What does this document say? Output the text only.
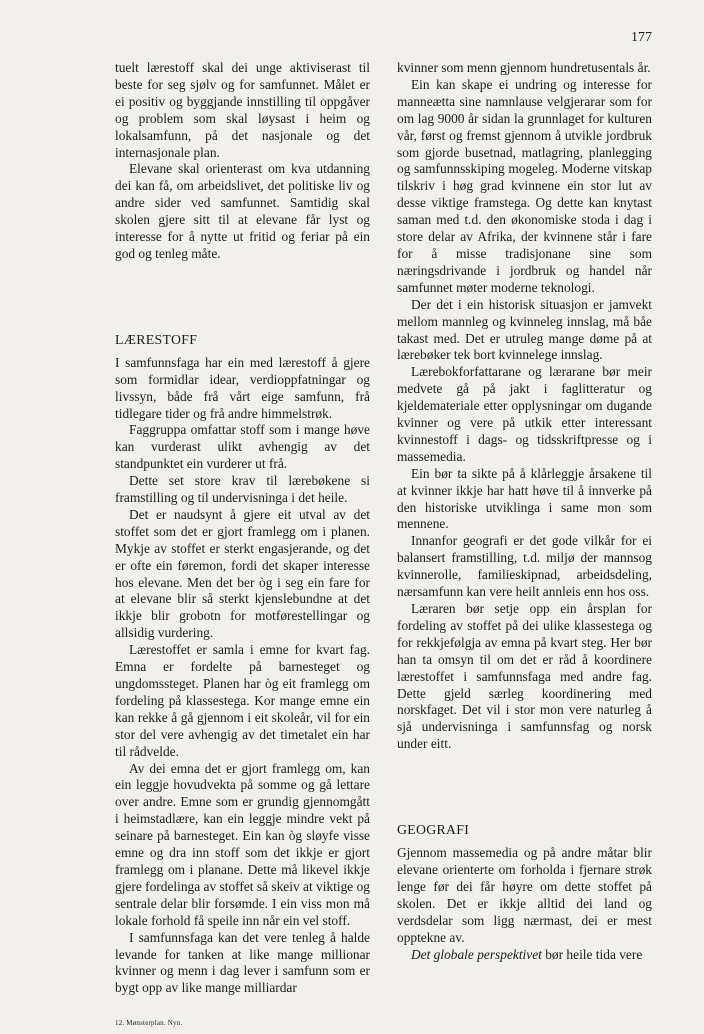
177

tuelt lærestoff skal dei unge aktiviserast til beste for seg sjølv og for samfunnet. Målet er ei positiv og byggjande innstilling til oppgåver og problem som skal løysast i heim og lokalsamfunn, på det nasjonale og det internasjonale plan.

Elevane skal orienterast om kva utdanning dei kan få, om arbeidslivet, det politiske liv og andre sider ved samfunnet. Samtidig skal skolen gjere sitt til at elevane får lyst og interesse for å nytte ut fritid og feriar på ein god og tenleg måte.

LÆRESTOFF

I samfunnsfaga har ein med lærestoff å gjere som formidlar idear, verdioppfatningar og livssyn, både frå vårt eige samfunn, frå tidlegare tider og frå andre himmelstrøk.

Faggruppa omfattar stoff som i mange høve kan vurderast ulikt avhengig av det standpunktet ein vurderer ut frå.

Dette set store krav til lærebøkene si framstilling og til undervisninga i det heile.

Det er naudsynt å gjere eit utval av det stoffet som det er gjort framlegg om i planen. Mykje av stoffet er sterkt engasjerande, og det er ofte ein føremon, fordi det skaper interesse hos elevane. Men det ber òg i seg ein fare for at elevane blir så sterkt kjenslebundne at det ikkje blir grobotn for motførestellingar og allsidig vurdering.

Lærestoffet er samla i emne for kvart fag. Emna er fordelte på barnesteget og ungdomssteget. Planen har òg eit framlegg om fordeling på klassestega. Kor mange emne ein kan rekke å gå gjennom i eit skoleår, vil for ein stor del vere avhengig av det timetalet ein har til rådvelde.

Av dei emna det er gjort framlegg om, kan ein leggje hovudvekta på somme og gå lettare over andre. Emne som er grundig gjennomgått i heimstadlære, kan ein leggje mindre vekt på seinare på barnesteget. Ein kan òg sløyfe visse emne og dra inn stoff som det ikkje er gjort framlegg om i planane. Dette må likevel ikkje gjere fordelinga av stoffet så skeiv at viktige og sentrale delar blir forsømde. I ein viss mon må lokale forhold få speile inn når ein vel stoff.

I samfunnsfaga kan det vere tenleg å halde levande for tanken at like mange millionar kvinner og menn i dag lever i samfunn som er bygt opp av like mange milliardar

kvinner som menn gjennom hundretusentals år.

Ein kan skape ei undring og interesse for manneætta sine namnlause velgjerarar som for om lag 9000 år sidan la grunnlaget for kulturen vår, først og fremst gjennom å utvikle jordbruk som gjorde busetnad, matlagring, planlegging og samfunnsskiping mogeleg. Moderne vitskap tilskriv i høg grad kvinnene ein stor lut av desse viktige framstega. Og dette kan knytast saman med t.d. den økonomiske stoda i dag i store delar av Afrika, der kvinnene står i fare for å misse tradisjonane sine som næringsdrivande i jordbruk og handel når samfunnet møter moderne teknologi.

Der det i ein historisk situasjon er jamvekt mellom mannleg og kvinneleg innslag, må båe takast med. Det er utruleg mange døme på at lærebøker tek bort kvinnelege innslag.

Lærebokforfattarane og lærarane bør meir medvete gå på jakt i faglitteratur og kjeldemateriale etter opplysningar om dugande kvinner og vere på utkik etter interessant kvinnestoff i dags- og tidsskriftpresse og i massemedia.

Ein bør ta sikte på å klårleggje årsakene til at kvinner ikkje har hatt høve til å innverke på den historiske utviklinga i same mon som mennene.

Innanfor geografi er det gode vilkår for ei balansert framstilling, t.d. miljø der mannsog kvinnerolle, familieskipnad, arbeidsdeling, nærsamfunn kan vere heilt annleis enn hos oss.

Læraren bør setje opp ein årsplan for fordeling av stoffet på dei ulike klassestega og for rekkjefølgja av emna på kvart steg. Her bør han ta omsyn til om det er råd å koordinere lærestoffet i samfunnsfaga med andre fag. Dette gjeld særleg koordinering med norskfaget. Det vil i stor mon vere naturleg å sjå undervisninga i samfunnsfag og norsk under eitt.

GEOGRAFI

Gjennom massemedia og på andre måtar blir elevane orienterte om forholda i fjernare strøk lenge før dei får høyre om dette stoffet på skolen. Det er ikkje alltid dei land og verdsdelar som ligg nærmast, dei er mest opptekne av.

Det globale perspektivet bør heile tida vere

12. Mønsterplan. Nyn.
